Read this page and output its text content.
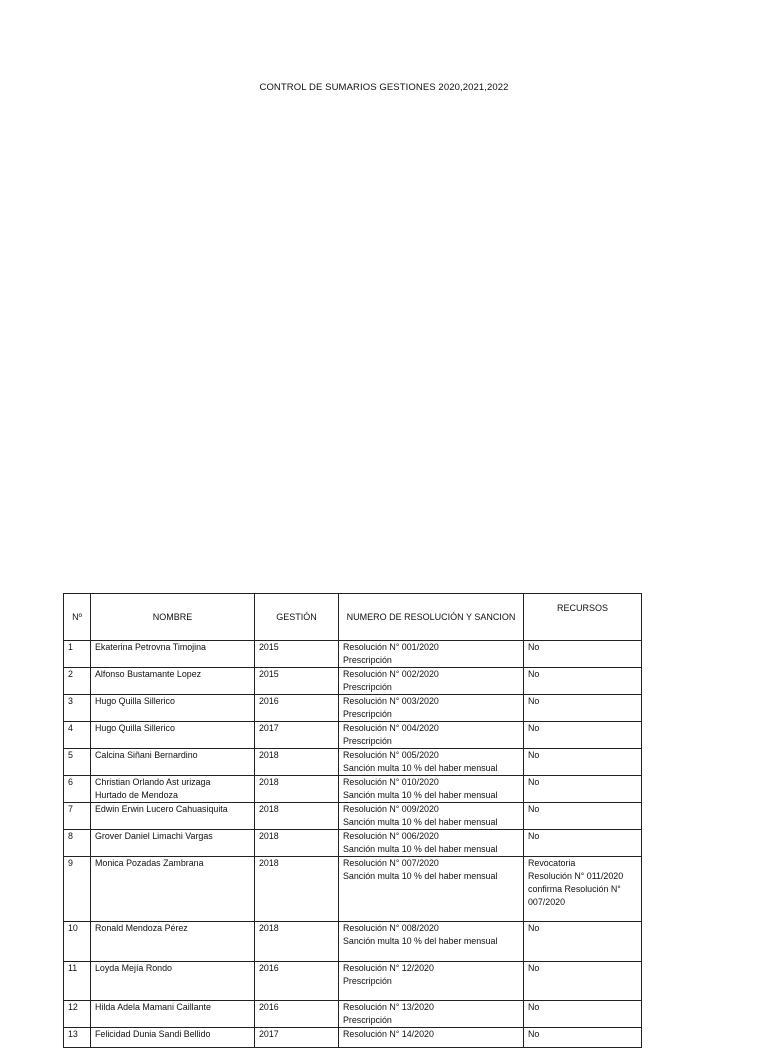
CONTROL DE SUMARIOS GESTIONES 2020,2021,2022
Nº	NOMBRE	GESTIÓN	NUMERO DE RESOLUCIÓN Y SANCION	RECURSOS
1	Ekaterina Petrovna Timojina	2015	Resolución N° 001/2020
Prescripción	No

2	Alfonso Bustamante Lopez	2015	Resolución N° 002/2020
Prescripción	No

3	Hugo Quilla Sillerico	2016	Resolución N° 003/2020
Prescripción	No

4	Hugo Quilla Sillerico	2017	Resolución N° 004/2020
Prescripción	No

5	Calcina Siñani Bernardino	2018	Resolución N° 005/2020
Sanción multa 10 % del haber mensual	No

6	Christian Orlando Ast urizaga
Hurtado de Mendoza	2018	Resolución N° 010/2020
Sanción multa 10 % del haber mensual	No

7	Edwin Erwin Lucero Cahuasiquita	2018	Resolución N° 009/2020
Sanción multa 10 % del haber mensual	No

8	Grover Daniel Limachi Vargas	2018	Resolución N° 006/2020
Sanción multa 10 % del haber mensual	No

9	Monica Pozadas Zambrana	2018	Resolución N° 007/2020
Sanción multa 10 % del haber mensual	Revocatoria
Resolución N° 011/2020
confirma Resolución N°
007/2020

10	Ronald Mendoza Pérez	2018	Resolución N° 008/2020
Sanción multa 10 % del haber mensual	No

11	Loyda Mejía Rondo	2016	Resolución N° 12/2020
Prescripción	No

12	Hilda Adela Mamani Caillante	2016	Resolución N° 13/2020
Prescripción	No

13	Felicidad Dunia Sandi Bellido	2017	Resolución N° 14/2020	No
